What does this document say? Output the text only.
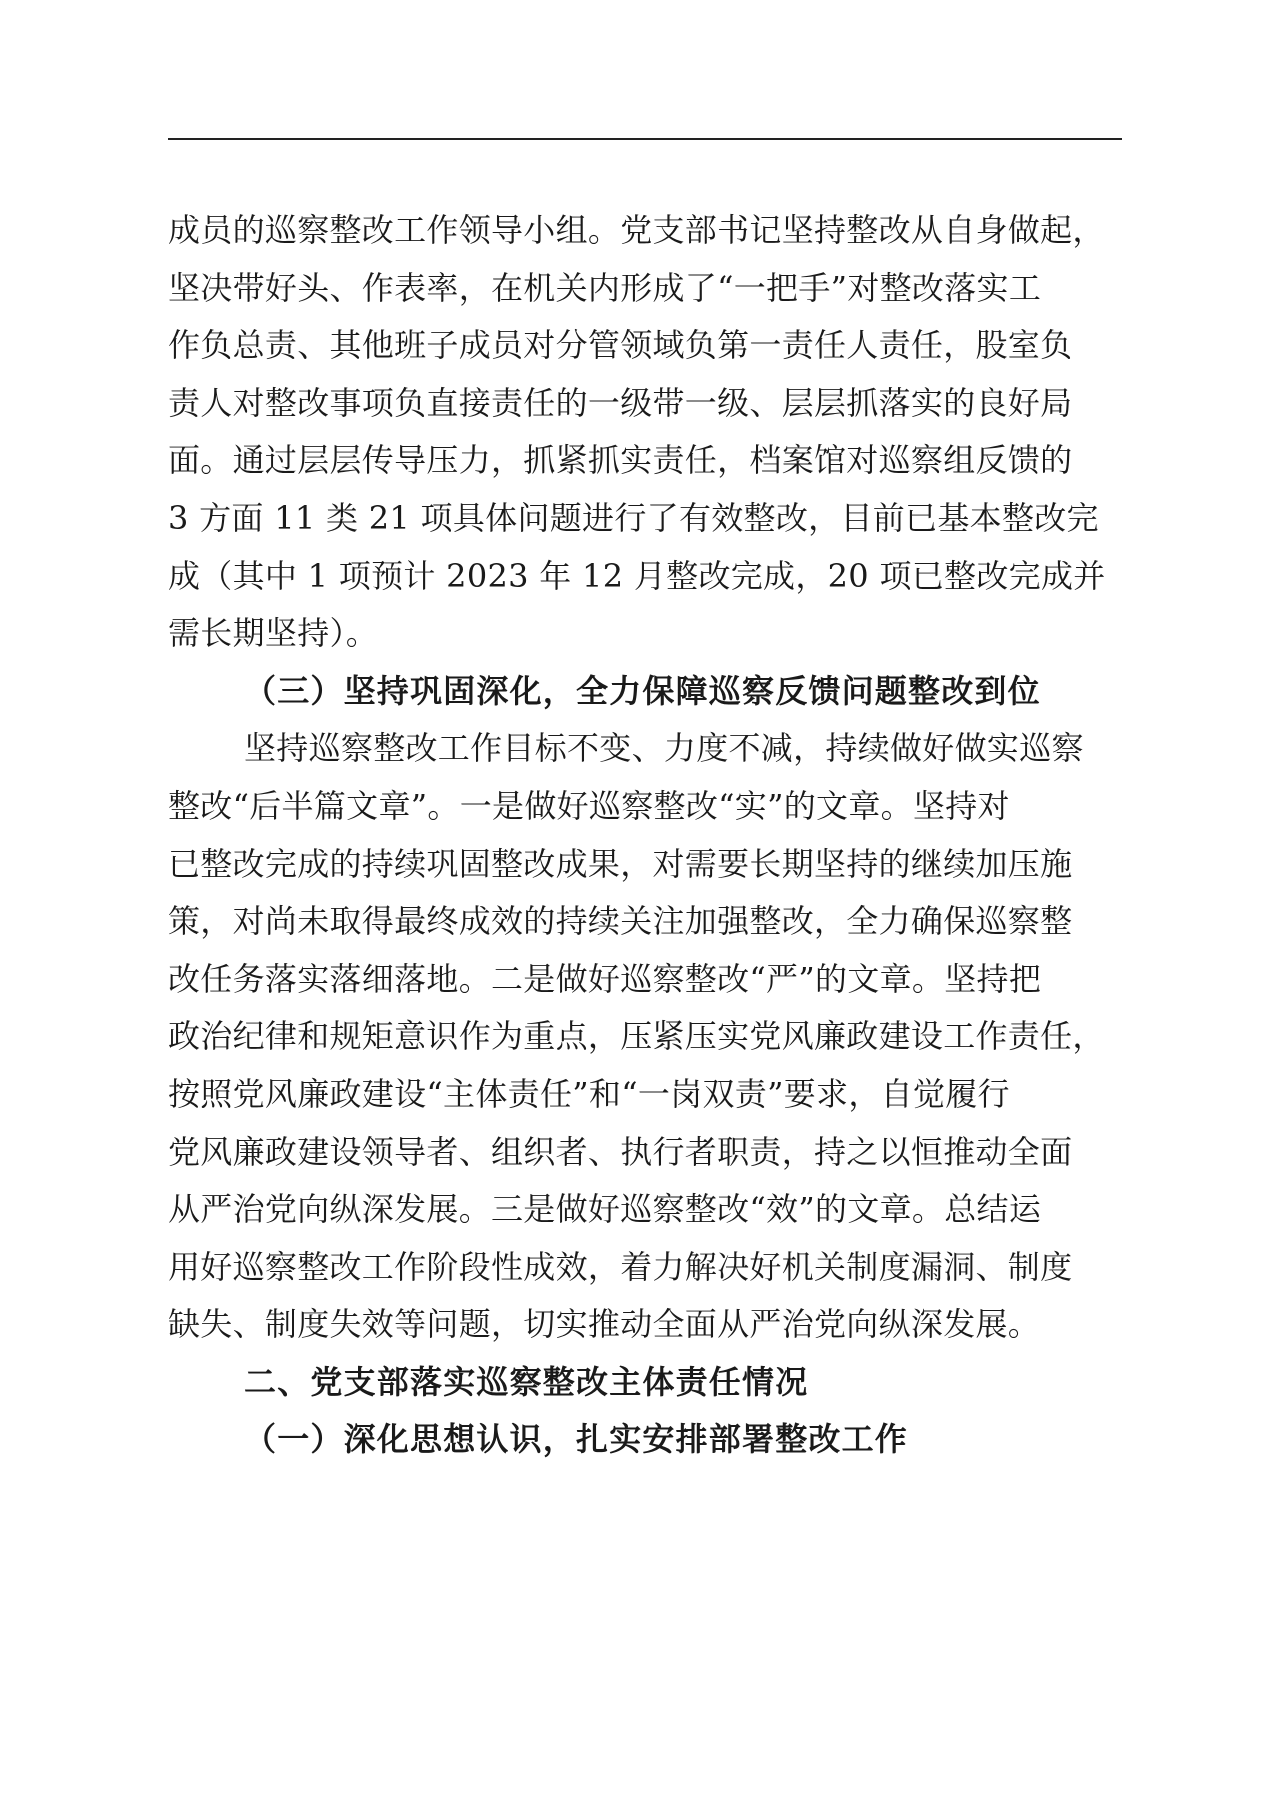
成员的巡察整改工作领导小组。党支部书记坚持整改从自身做起，
坚决带好头、作表率，在机关内形成了“一把手”对整改落实工
作负总责、其他班子成员对分管领域负第一责任人责任，股室负
责人对整改事项负直接责任的一级带一级、层层抓落实的良好局
面。通过层层传导压力，抓紧抓实责任，档案馆对巡察组反馈的
3 方面 11 类 21 项具体问题进行了有效整改，目前已基本整改完
成（其中 1 项预计 2023 年 12 月整改完成，20 项已整改完成并
需长期坚持）。
（三）坚持巩固深化，全力保障巡察反馈问题整改到位
坚持巡察整改工作目标不变、力度不减，持续做好做实巡察
整改“后半篇文章”。一是做好巡察整改“实”的文章。坚持对
已整改完成的持续巩固整改成果，对需要长期坚持的继续加压施
策，对尚未取得最终成效的持续关注加强整改，全力确保巡察整
改任务落实落细落地。二是做好巡察整改“严”的文章。坚持把
政治纪律和规矩意识作为重点，压紧压实党风廉政建设工作责任，
按照党风廉政建设“主体责任”和“一岗双责”要求，自觉履行
党风廉政建设领导者、组织者、执行者职责，持之以恒推动全面
从严治党向纵深发展。三是做好巡察整改“效”的文章。总结运
用好巡察整改工作阶段性成效，着力解决好机关制度漏洞、制度
缺失、制度失效等问题，切实推动全面从严治党向纵深发展。
二、党支部落实巡察整改主体责任情况
（一）深化思想认识，扎实安排部署整改工作
